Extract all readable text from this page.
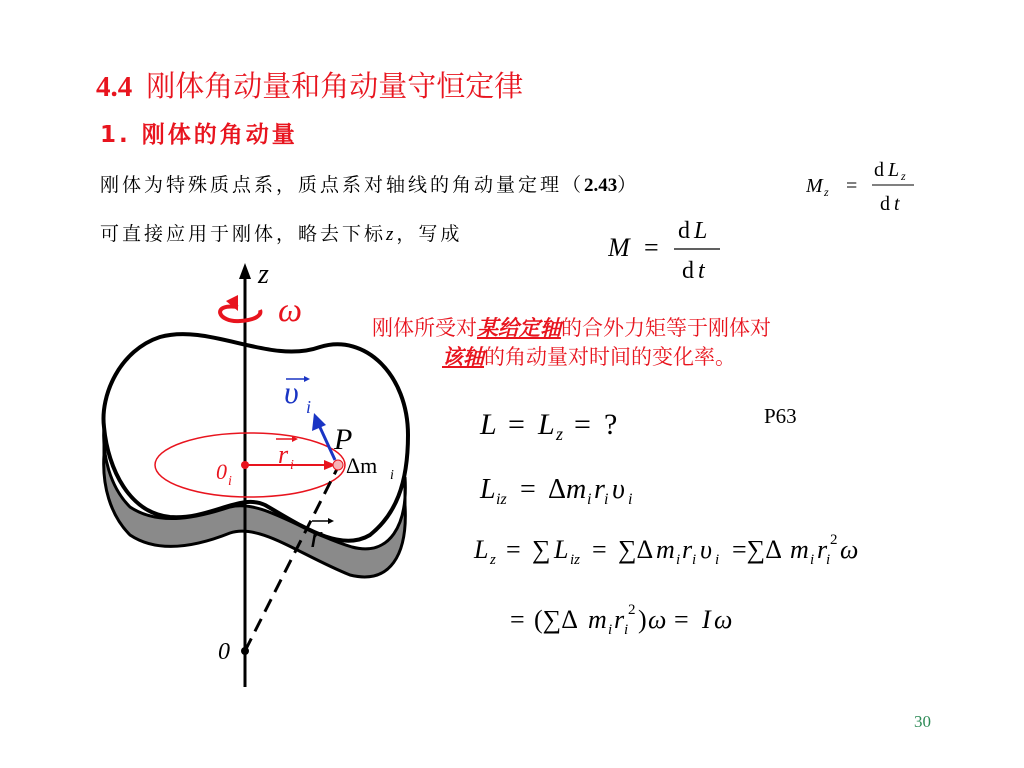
4.4 刚体角动量和角动量守恒定律
1. 刚体的角动量
刚体为特殊质点系，质点系对轴线的角动量定理（2.43）	M z =
d L z
d t
可直接应用于刚体，略去下标z，写成	M =
d L
d t
刚体所受对某给定轴的合外力矩等于刚体对
该轴的角动量对时间的变化率。
z
ω
υ i
P
Δm i
r i
0 i
r
0
L = L z = ?
L iz = Δ m i r i υ i
L z = ∑ L iz = ∑Δ m i r i υ i =∑Δ m i r
i
2 ω
= (∑Δ m i r i
2 ) ω = I ω
P63
30
